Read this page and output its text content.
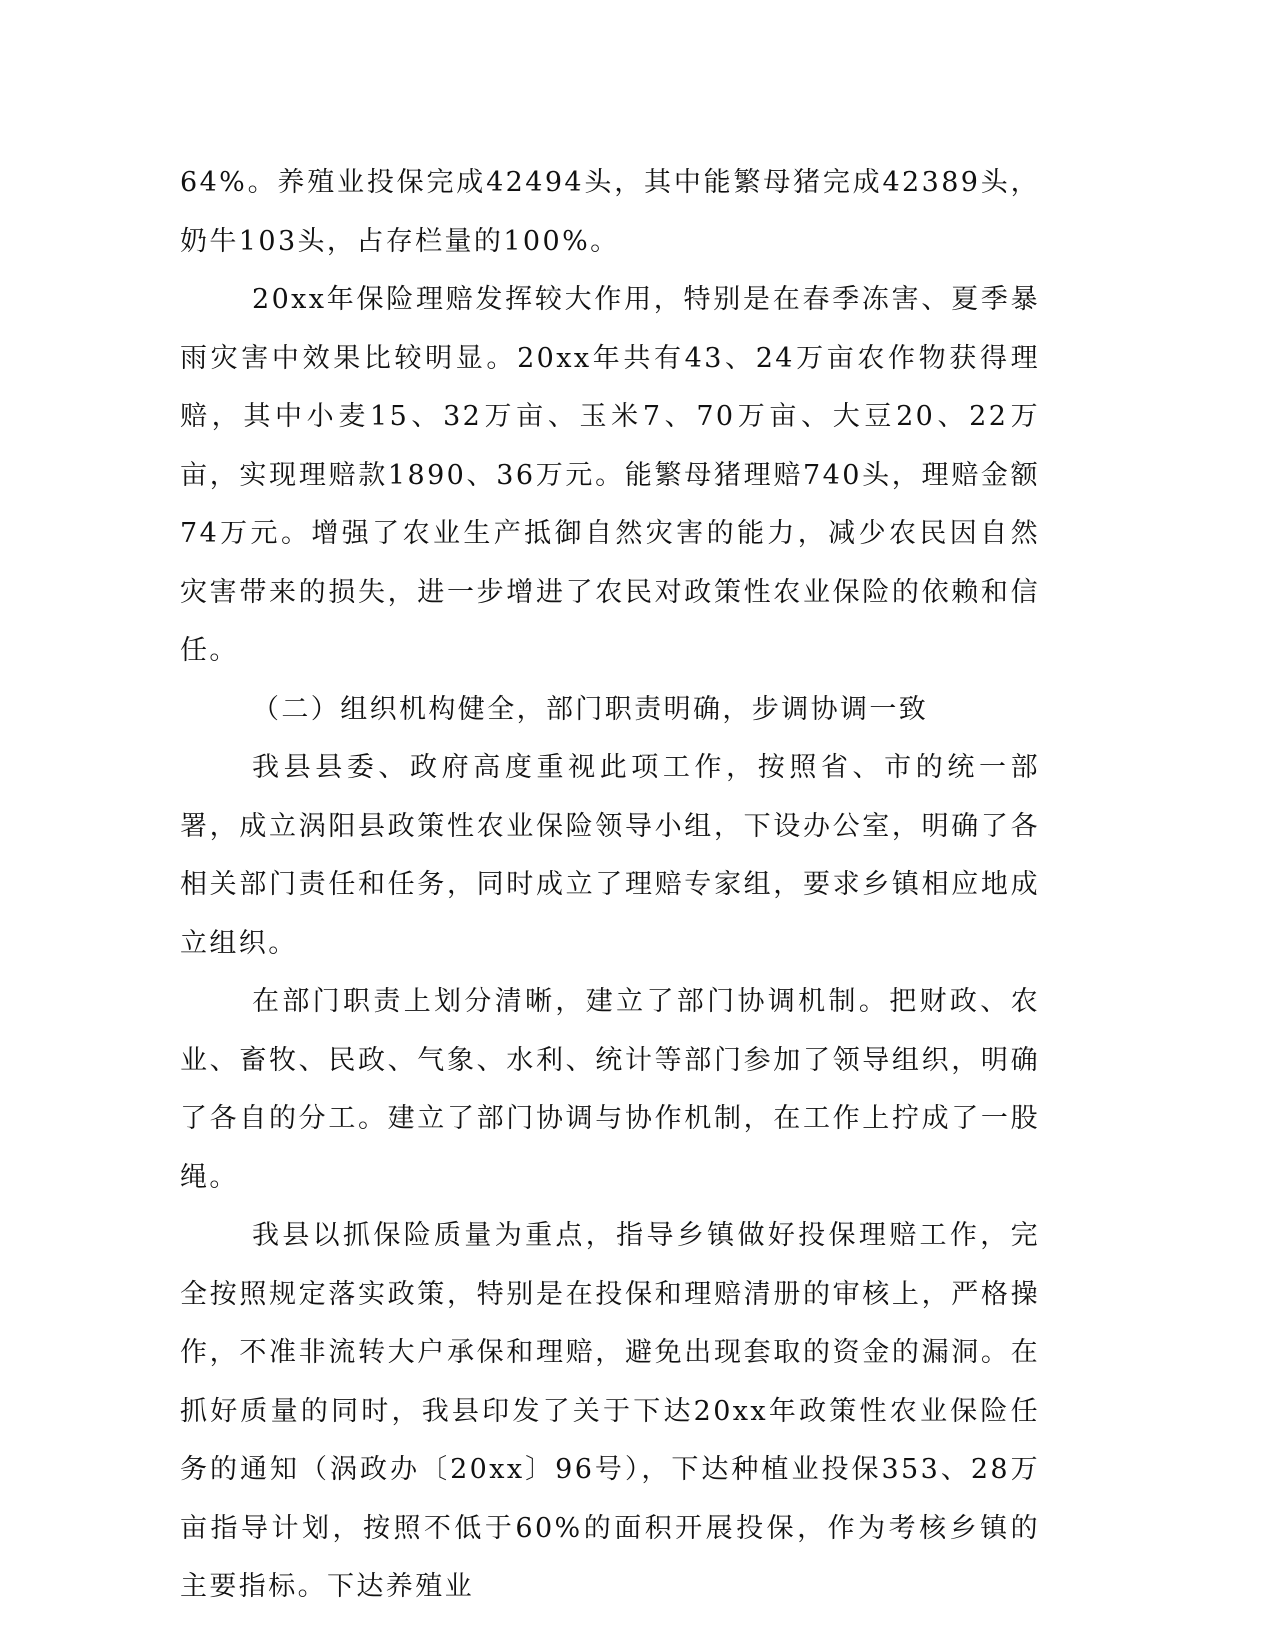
64%。养殖业投保完成42494头，其中能繁母猪完成42389头，奶牛103头，占存栏量的100%。

20xx年保险理赔发挥较大作用，特别是在春季冻害、夏季暴雨灾害中效果比较明显。20xx年共有43、24万亩农作物获得理赔，其中小麦15、32万亩、玉米7、70万亩、大豆20、22万亩，实现理赔款1890、36万元。能繁母猪理赔740头，理赔金额74万元。增强了农业生产抵御自然灾害的能力，减少农民因自然灾害带来的损失，进一步增进了农民对政策性农业保险的依赖和信任。

（二）组织机构健全，部门职责明确，步调协调一致

我县县委、政府高度重视此项工作，按照省、市的统一部署，成立涡阳县政策性农业保险领导小组，下设办公室，明确了各相关部门责任和任务，同时成立了理赔专家组，要求乡镇相应地成立组织。

在部门职责上划分清晰，建立了部门协调机制。把财政、农业、畜牧、民政、气象、水利、统计等部门参加了领导组织，明确了各自的分工。建立了部门协调与协作机制，在工作上拧成了一股绳。

我县以抓保险质量为重点，指导乡镇做好投保理赔工作，完全按照规定落实政策，特别是在投保和理赔清册的审核上，严格操作，不准非流转大户承保和理赔，避免出现套取的资金的漏洞。在抓好质量的同时，我县印发了关于下达20xx年政策性农业保险任务的通知（涡政办〔20xx〕96号），下达种植业投保353、28万亩指导计划，按照不低于60%的面积开展投保，作为考核乡镇的主要指标。下达养殖业
